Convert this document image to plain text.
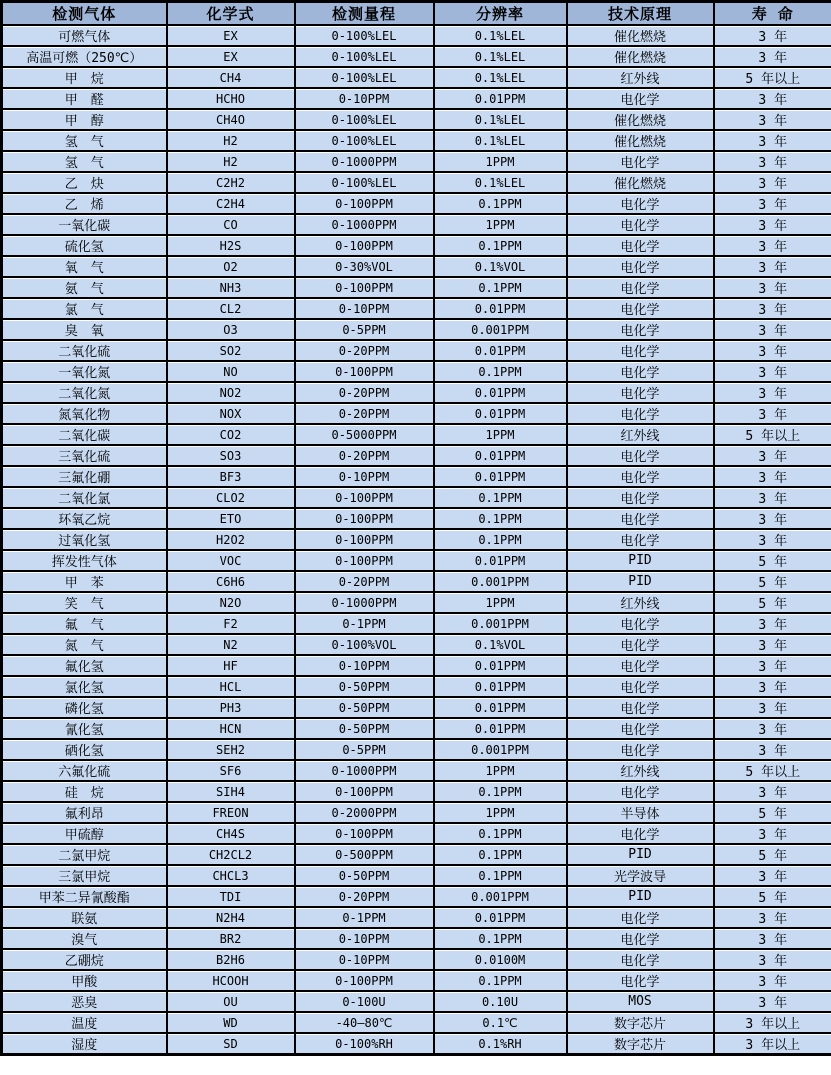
检测气体	化学式	检测量程	分辨率	技术原理	寿 命
可燃气体	EX	0-100%LEL	0.1%LEL	催化燃烧	3 年
高温可燃（250℃）	EX	0-100%LEL	0.1%LEL	催化燃烧	3 年
甲　烷	CH4	0-100%LEL	0.1%LEL	红外线	5 年以上
甲　醛	HCHO	0-10PPM	0.01PPM	电化学	3 年
甲　醇	CH4O	0-100%LEL	0.1%LEL	催化燃烧	3 年
氢　气	H2	0-100%LEL	0.1%LEL	催化燃烧	3 年
氢　气	H2	0-1000PPM	1PPM	电化学	3 年
乙　炔	C2H2	0-100%LEL	0.1%LEL	催化燃烧	3 年
乙　烯	C2H4	0-100PPM	0.1PPM	电化学	3 年
一氧化碳	CO	0-1000PPM	1PPM	电化学	3 年
硫化氢	H2S	0-100PPM	0.1PPM	电化学	3 年
氧　气	O2	0-30%VOL	0.1%VOL	电化学	3 年
氨　气	NH3	0-100PPM	0.1PPM	电化学	3 年
氯　气	CL2	0-10PPM	0.01PPM	电化学	3 年
臭　氧	O3	0-5PPM	0.001PPM	电化学	3 年
二氧化硫	SO2	0-20PPM	0.01PPM	电化学	3 年
一氧化氮	NO	0-100PPM	0.1PPM	电化学	3 年
二氧化氮	NO2	0-20PPM	0.01PPM	电化学	3 年
氮氧化物	NOX	0-20PPM	0.01PPM	电化学	3 年
二氧化碳	CO2	0-5000PPM	1PPM	红外线	5 年以上
三氧化硫	SO3	0-20PPM	0.01PPM	电化学	3 年
三氟化硼	BF3	0-10PPM	0.01PPM	电化学	3 年
二氧化氯	CLO2	0-100PPM	0.1PPM	电化学	3 年
环氧乙烷	ETO	0-100PPM	0.1PPM	电化学	3 年
过氧化氢	H2O2	0-100PPM	0.1PPM	电化学	3 年
挥发性气体	VOC	0-100PPM	0.01PPM	PID	5 年
甲　苯	C6H6	0-20PPM	0.001PPM	PID	5 年
笑　气	N2O	0-1000PPM	1PPM	红外线	5 年
氟　气	F2	0-1PPM	0.001PPM	电化学	3 年
氮　气	N2	0-100%VOL	0.1%VOL	电化学	3 年
氟化氢	HF	0-10PPM	0.01PPM	电化学	3 年
氯化氢	HCL	0-50PPM	0.01PPM	电化学	3 年
磷化氢	PH3	0-50PPM	0.01PPM	电化学	3 年
氰化氢	HCN	0-50PPM	0.01PPM	电化学	3 年
硒化氢	SEH2	0-5PPM	0.001PPM	电化学	3 年
六氟化硫	SF6	0-1000PPM	1PPM	红外线	5 年以上
硅　烷	SIH4	0-100PPM	0.1PPM	电化学	3 年
氟利昂	FREON	0-2000PPM	1PPM	半导体	5 年
甲硫醇	CH4S	0-100PPM	0.1PPM	电化学	3 年
二氯甲烷	CH2CL2	0-500PPM	0.1PPM	PID	5 年
三氯甲烷	CHCL3	0-50PPM	0.1PPM	光学波导	3 年
甲苯二异氰酸酯	TDI	0-20PPM	0.001PPM	PID	5 年
联氨	N2H4	0-1PPM	0.01PPM	电化学	3 年
溴气	BR2	0-10PPM	0.1PPM	电化学	3 年
乙硼烷	B2H6	0-10PPM	0.0100M	电化学	3 年
甲酸	HCOOH	0-100PPM	0.1PPM	电化学	3 年
恶臭	OU	0-100U	0.10U	MOS	3 年
温度	WD	-40—80℃	0.1℃	数字芯片	3 年以上
湿度	SD	0-100%RH	0.1%RH	数字芯片	3 年以上
